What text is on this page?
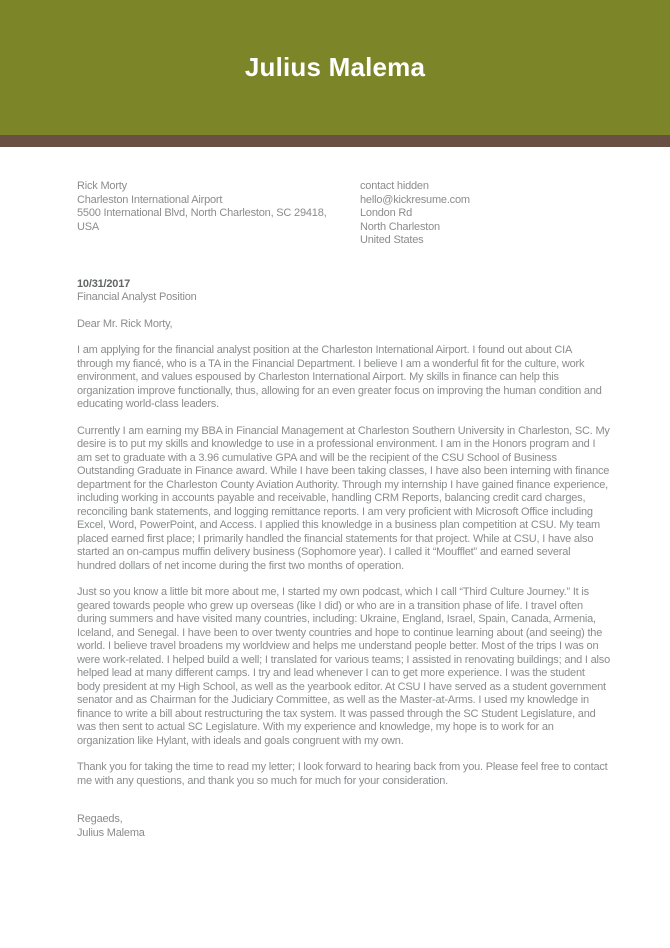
Julius Malema
Rick Morty
Charleston International Airport
5500 International Blvd, North Charleston, SC 29418,
USA
contact hidden
hello@kickresume.com
London Rd
North Charleston
United States
10/31/2017
Financial Analyst Position
Dear Mr. Rick Morty,

I am applying for the financial analyst position at the Charleston International Airport. I found out about CIA through my fiancé, who is a TA in the Financial Department. I believe I am a wonderful fit for the culture, work environment, and values espoused by Charleston International Airport. My skills in finance can help this organization improve functionally, thus, allowing for an even greater focus on improving the human condition and educating world-class leaders.

Currently I am earning my BBA in Financial Management at Charleston Southern University in Charleston, SC. My desire is to put my skills and knowledge to use in a professional environment. I am in the Honors program and I am set to graduate with a 3.96 cumulative GPA and will be the recipient of the CSU School of Business Outstanding Graduate in Finance award. While I have been taking classes, I have also been interning with finance department for the Charleston County Aviation Authority. Through my internship I have gained finance experience, including working in accounts payable and receivable, handling CRM Reports, balancing credit card charges, reconciling bank statements, and logging remittance reports. I am very proficient with Microsoft Office including Excel, Word, PowerPoint, and Access. I applied this knowledge in a business plan competition at CSU. My team placed earned first place; I primarily handled the financial statements for that project. While at CSU, I have also started an on-campus muffin delivery business (Sophomore year). I called it “Moufflet” and earned several hundred dollars of net income during the first two months of operation.

Just so you know a little bit more about me, I started my own podcast, which I call “Third Culture Journey.” It is geared towards people who grew up overseas (like I did) or who are in a transition phase of life. I travel often during summers and have visited many countries, including: Ukraine, England, Israel, Spain, Canada, Armenia, Iceland, and Senegal. I have been to over twenty countries and hope to continue learning about (and seeing) the world. I believe travel broadens my worldview and helps me understand people better. Most of the trips I was on were work-related. I helped build a well; I translated for various teams; I assisted in renovating buildings; and I also helped lead at many different camps. I try and lead whenever I can to get more experience. I was the student body president at my High School, as well as the yearbook editor. At CSU I have served as a student government senator and as Chairman for the Judiciary Committee, as well as the Master-at-Arms. I used my knowledge in finance to write a bill about restructuring the tax system. It was passed through the SC Student Legislature, and was then sent to actual SC Legislature. With my experience and knowledge, my hope is to work for an organization like Hylant, with ideals and goals congruent with my own.

Thank you for taking the time to read my letter; I look forward to hearing back from you. Please feel free to contact me with any questions, and thank you so much for much for your consideration.

Regaeds,
Julius Malema
